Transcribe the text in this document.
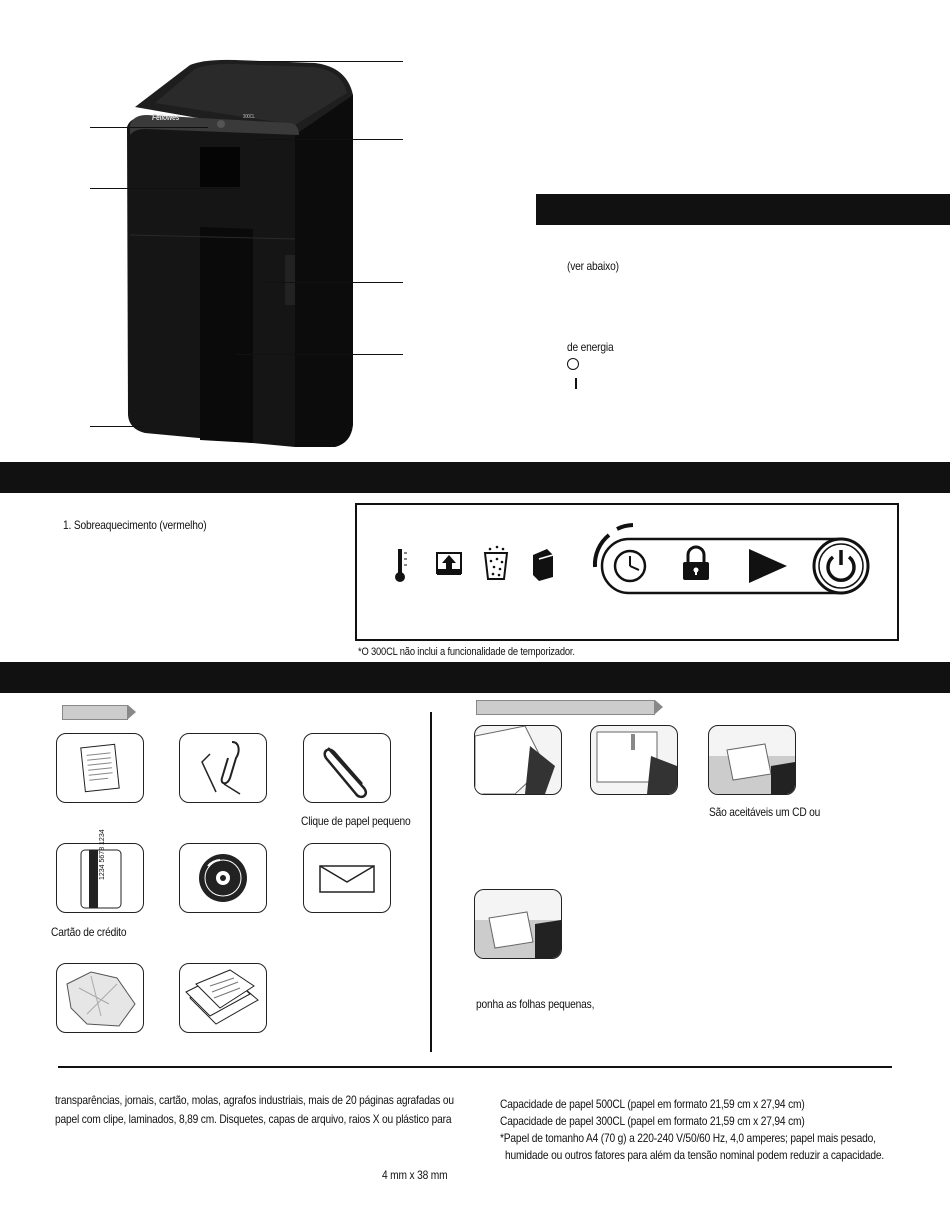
Fellowes	300CL
(ver abaixo)
de energia
1. Sobreaquecimento (vermelho)
*O 300CL não inclui a funcionalidade de temporizador.
Clique de papel pequeno
1234 5678 1234
Cartão de crédito
São aceitáveis um CD ou
ponha as folhas pequenas,
transparências, jornais, cartão, molas, agrafos industriais, mais de 20 páginas agrafadas ou
papel com clipe, laminados, 8,89 cm. Disquetes, capas de arquivo, raios X ou plástico para
4 mm x 38 mm
Capacidade de papel 500CL (papel em formato 21,59 cm x 27,94 cm)
Capacidade de papel 300CL (papel em formato 21,59 cm x 27,94 cm)
*Papel de tomanho A4 (70 g) a 220-240 V/50/60 Hz, 4,0 amperes; papel mais pesado,
humidade ou outros fatores para além da tensão nominal podem reduzir a capacidade.
